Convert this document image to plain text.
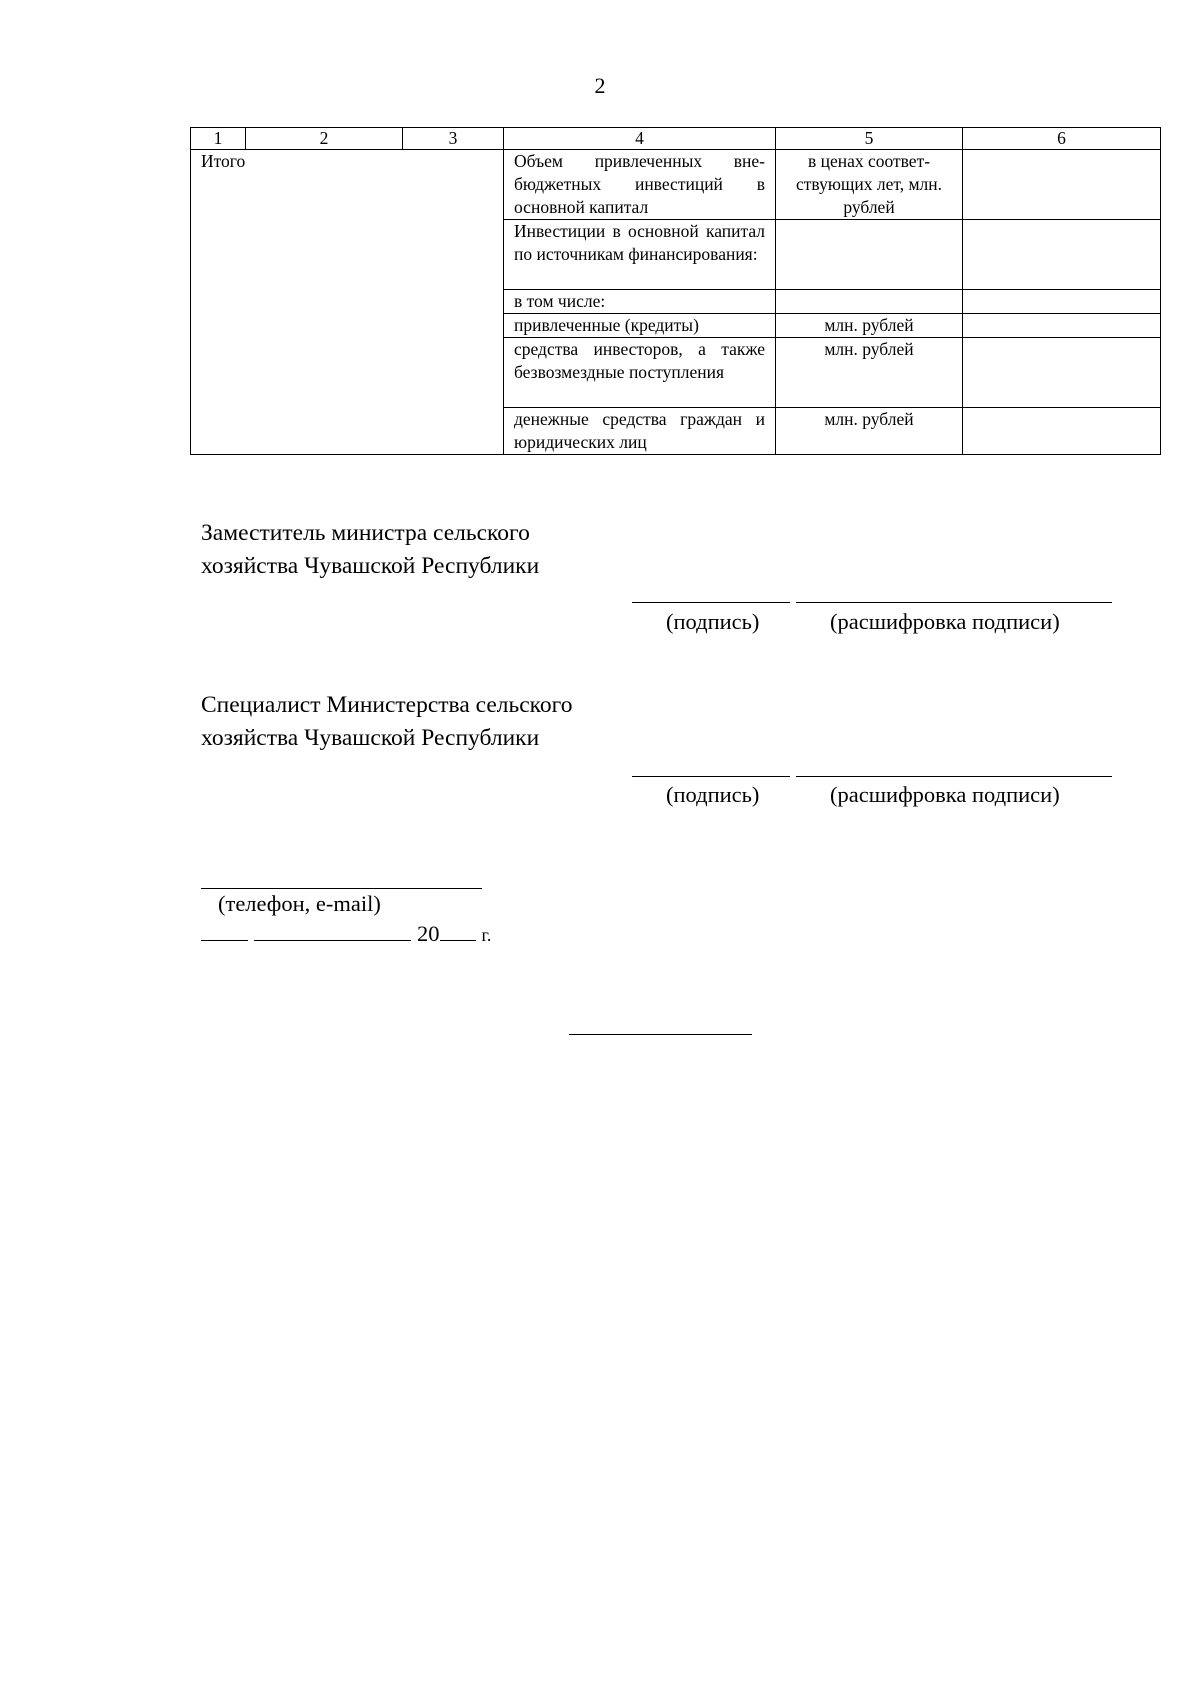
2
1	2	3	4	5	6
Итого			Объем привлеченных внебюджетных инвестиций в основной капитал	в ценах соответствующих лет, млн. рублей	
			Инвестиции в основной капитал по источникам финансирования:		
			в том числе:		
			привлеченные (кредиты)	млн. рублей	
			средства инвесторов, а также безвозмездные поступления	млн. рублей	
			денежные средства граждан и юридических лиц	млн. рублей	
Заместитель министра сельского
хозяйства Чувашской Республики
(подпись)	(расшифровка подписи)
Специалист Министерства сельского
хозяйства Чувашской Республики
(подпись)	(расшифровка подписи)
(телефон, e-mail)
20 г.
